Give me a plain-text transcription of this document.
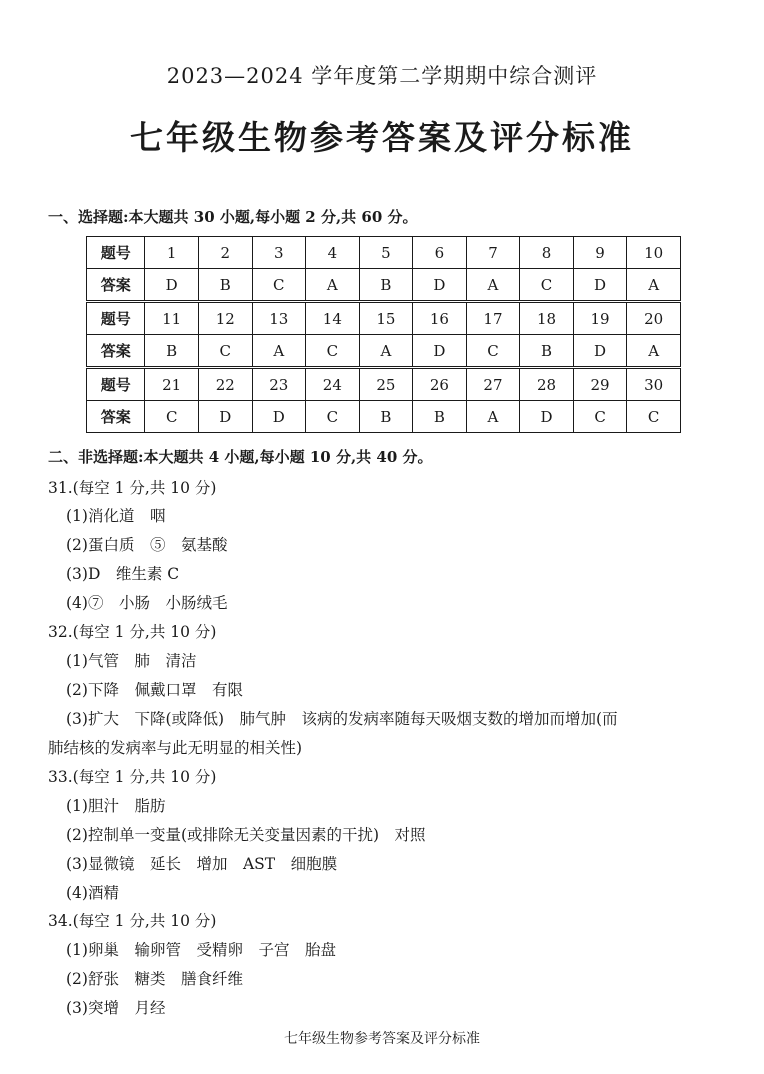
2023—2024 学年度第二学期期中综合测评
七年级生物参考答案及评分标准
一、选择题:本大题共 30 小题,每小题 2 分,共 60 分。
题号	1	2	3	4	5	6	7	8	9	10
答案	D	B	C	A	B	D	A	C	D	A
题号	11	12	13	14	15	16	17	18	19	20
答案	B	C	A	C	A	D	C	B	D	A
题号	21	22	23	24	25	26	27	28	29	30
答案	C	D	D	C	B	B	A	D	C	C
二、非选择题:本大题共 4 小题,每小题 10 分,共 40 分。
31.(每空 1 分,共 10 分)
(1)消化道　咽
(2)蛋白质　⑤　氨基酸
(3)D　维生素 C
(4)⑦　小肠　小肠绒毛
32.(每空 1 分,共 10 分)
(1)气管　肺　清洁
(2)下降　佩戴口罩　有限
(3)扩大　下降(或降低)　肺气肿　该病的发病率随每天吸烟支数的增加而增加(而
肺结核的发病率与此无明显的相关性)
33.(每空 1 分,共 10 分)
(1)胆汁　脂肪
(2)控制单一变量(或排除无关变量因素的干扰)　对照
(3)显微镜　延长　增加　AST　细胞膜
(4)酒精
34.(每空 1 分,共 10 分)
(1)卵巢　输卵管　受精卵　子宫　胎盘
(2)舒张　糖类　膳食纤维
(3)突增　月经
七年级生物参考答案及评分标准
